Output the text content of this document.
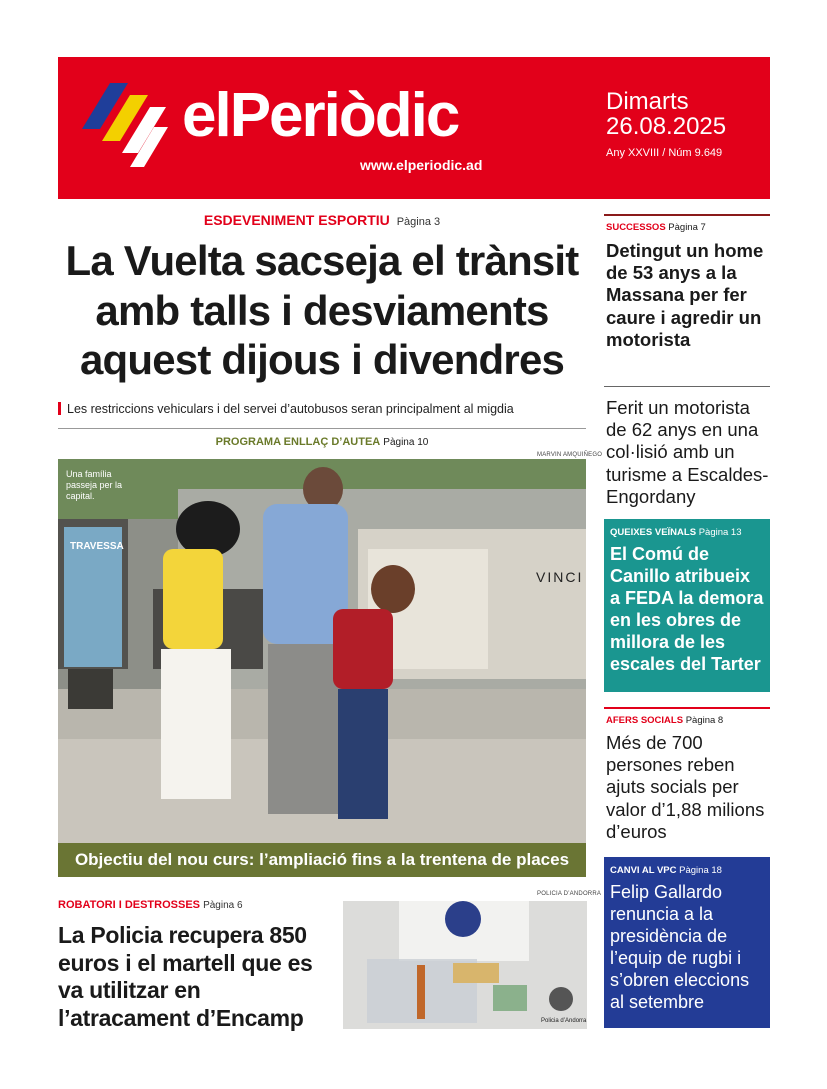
elPeriòdic
www.elperiodic.ad
Dimarts
26.08.2025
Any XXVIII / Núm 9.649
ESDEVENIMENT ESPORTIU Pàgina 3
La Vuelta sacseja el trànsit amb talls i desviaments aquest dijous i divendres
Les restriccions vehiculars i del servei d’autobusos seran principalment al migdia
PROGRAMA ENLLAÇ D’AUTEA Pàgina 10
MARVIN AMQUIÑEGO
Una família passeja per la capital.
TRAVESSA
VINCI
Objectiu del nou curs: l’ampliació fins a la trentena de places
ROBATORI I DESTROSSES Pàgina 6
La Policia recupera 850 euros i el martell que es va utilitzar en l’atracament d’Encamp
POLICIA D’ANDORRA
Policia d’Andorra
SUCCESSOS Pàgina 7
Detingut un home de 53 anys a la Massana per fer caure i agredir un motorista
Ferit un motorista de 62 anys en una col·lisió amb un turisme a Escaldes-Engordany
QUEIXES VEÏNALS Pàgina 13
El Comú de Canillo atribueix a FEDA la demora en les obres de millora de les escales del Tarter
AFERS SOCIALS Pàgina 8
Més de 700 persones reben ajuts socials per valor d’1,88 milions d’euros
CANVI AL VPC Pàgina 18
Felip Gallardo renuncia a la presidència de l’equip de rugbi i s’obren eleccions al setembre
